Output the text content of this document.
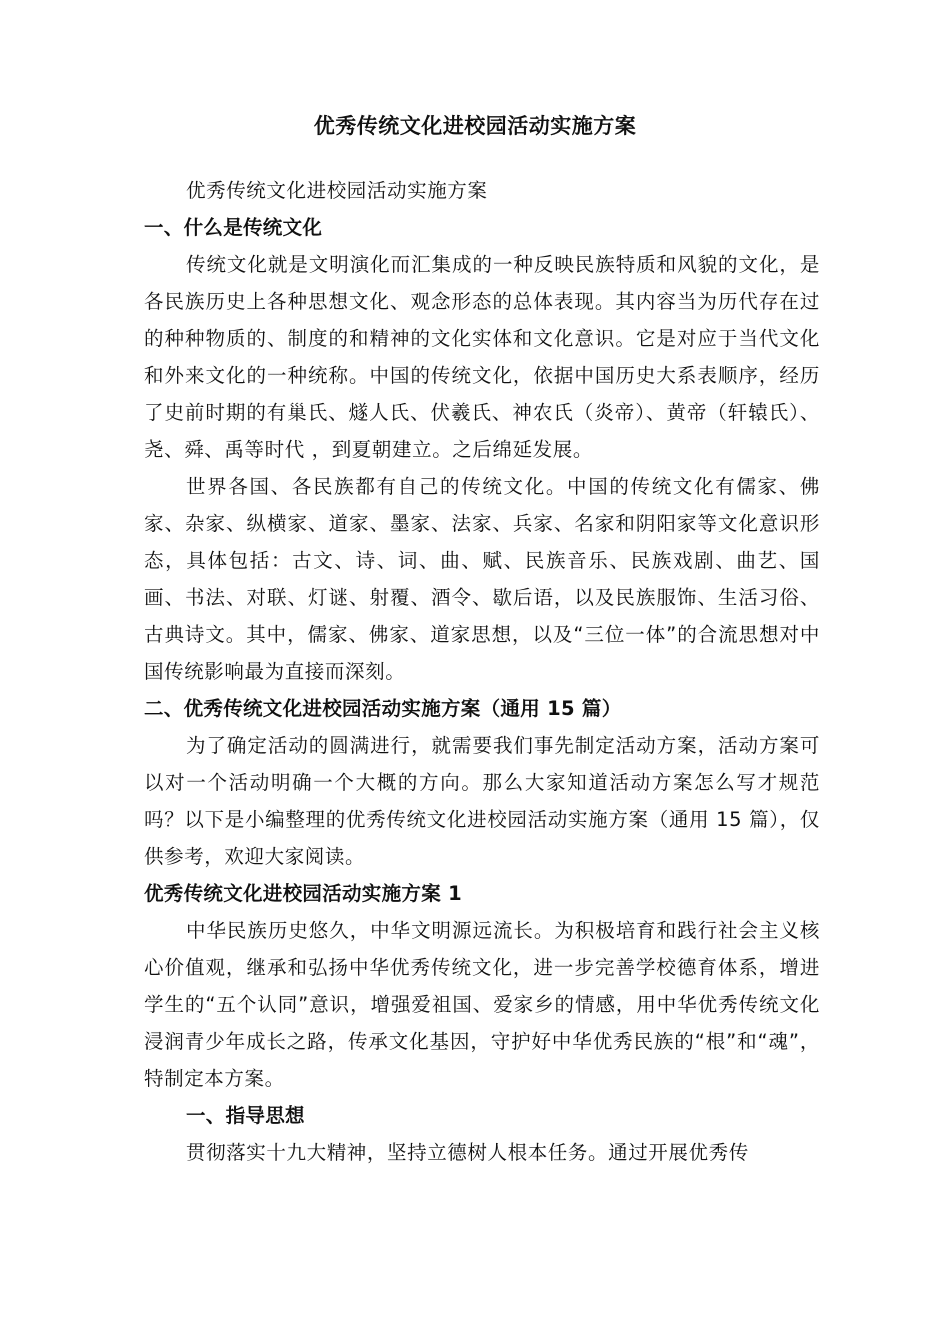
优秀传统文化进校园活动实施方案

优秀传统文化进校园活动实施方案

一、什么是传统文化

传统文化就是文明演化而汇集成的一种反映民族特质和风貌的文化，是各民族历史上各种思想文化、观念形态的总体表现。其内容当为历代存在过的种种物质的、制度的和精神的文化实体和文化意识。它是对应于当代文化和外来文化的一种统称。中国的传统文化，依据中国历史大系表顺序，经历了史前时期的有巢氏、燧人氏、伏羲氏、神农氏（炎帝）、黄帝（轩辕氏）、尧、舜、禹等时代 ，到夏朝建立。之后绵延发展。

世界各国、各民族都有自己的传统文化。中国的传统文化有儒家、佛家、杂家、纵横家、道家、墨家、法家、兵家、名家和阴阳家等文化意识形态，具体包括：古文、诗、词、曲、赋、民族音乐、民族戏剧、曲艺、国画、书法、对联、灯谜、射覆、酒令、歇后语，以及民族服饰、生活习俗、古典诗文。其中，儒家、佛家、道家思想，以及“三位一体”的合流思想对中国传统影响最为直接而深刻。

二、优秀传统文化进校园活动实施方案（通用 15 篇）

为了确定活动的圆满进行，就需要我们事先制定活动方案，活动方案可以对一个活动明确一个大概的方向。那么大家知道活动方案怎么写才规范吗？以下是小编整理的优秀传统文化进校园活动实施方案（通用 15 篇），仅供参考，欢迎大家阅读。

优秀传统文化进校园活动实施方案 1

中华民族历史悠久，中华文明源远流长。为积极培育和践行社会主义核心价值观，继承和弘扬中华优秀传统文化，进一步完善学校德育体系，增进学生的“五个认同”意识，增强爱祖国、爱家乡的情感，用中华优秀传统文化浸润青少年成长之路，传承文化基因，守护好中华优秀民族的“根”和“魂”，特制定本方案。

一、指导思想

贯彻落实十九大精神，坚持立德树人根本任务。通过开展优秀传
